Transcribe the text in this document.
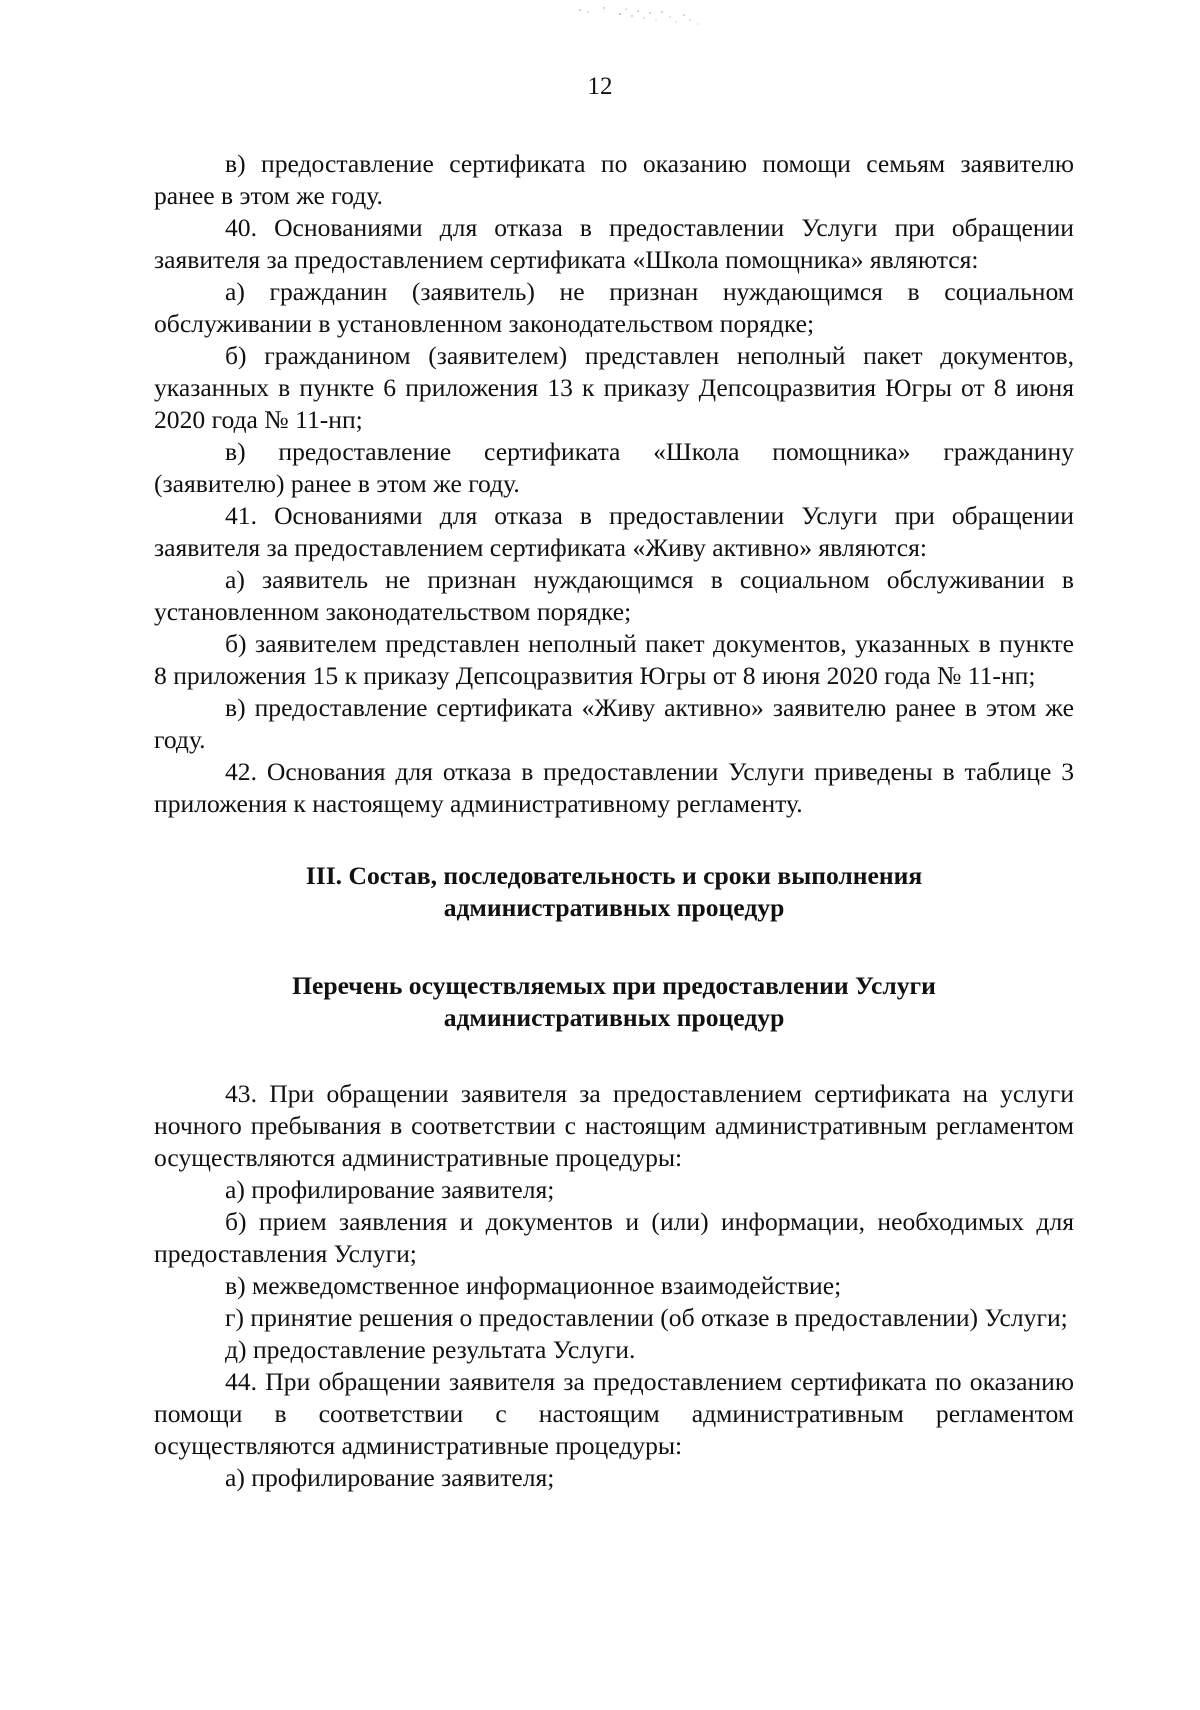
12

в) предоставление сертификата по оказанию помощи семьям заявителю ранее в этом же году.

40. Основаниями для отказа в предоставлении Услуги при обращении заявителя за предоставлением сертификата «Школа помощника» являются:

а) гражданин (заявитель) не признан нуждающимся в социальном обслуживании в установленном законодательством порядке;

б) гражданином (заявителем) представлен неполный пакет документов, указанных в пункте 6 приложения 13 к приказу Депсоцразвития Югры от 8 июня 2020 года № 11-нп;

в) предоставление сертификата «Школа помощника» гражданину (заявителю) ранее в этом же году.

41. Основаниями для отказа в предоставлении Услуги при обращении заявителя за предоставлением сертификата «Живу активно» являются:

а) заявитель не признан нуждающимся в социальном обслуживании в установленном законодательством порядке;

б) заявителем представлен неполный пакет документов, указанных в пункте 8 приложения 15 к приказу Депсоцразвития Югры от 8 июня 2020 года № 11-нп;

в) предоставление сертификата «Живу активно» заявителю ранее в этом же году.

42. Основания для отказа в предоставлении Услуги приведены в таблице 3 приложения к настоящему административному регламенту.

III. Состав, последовательность и сроки выполнения
административных процедур
Перечень осуществляемых при предоставлении Услуги
административных процедур

43. При обращении заявителя за предоставлением сертификата на услуги ночного пребывания в соответствии с настоящим административным регламентом осуществляются административные процедуры:

а) профилирование заявителя;

б) прием заявления и документов и (или) информации, необходимых для предоставления Услуги;

в) межведомственное информационное взаимодействие;

г) принятие решения о предоставлении (об отказе в предоставлении) Услуги;

д) предоставление результата Услуги.

44. При обращении заявителя за предоставлением сертификата по оказанию помощи в соответствии с настоящим административным регламентом осуществляются административные процедуры:

а) профилирование заявителя;
